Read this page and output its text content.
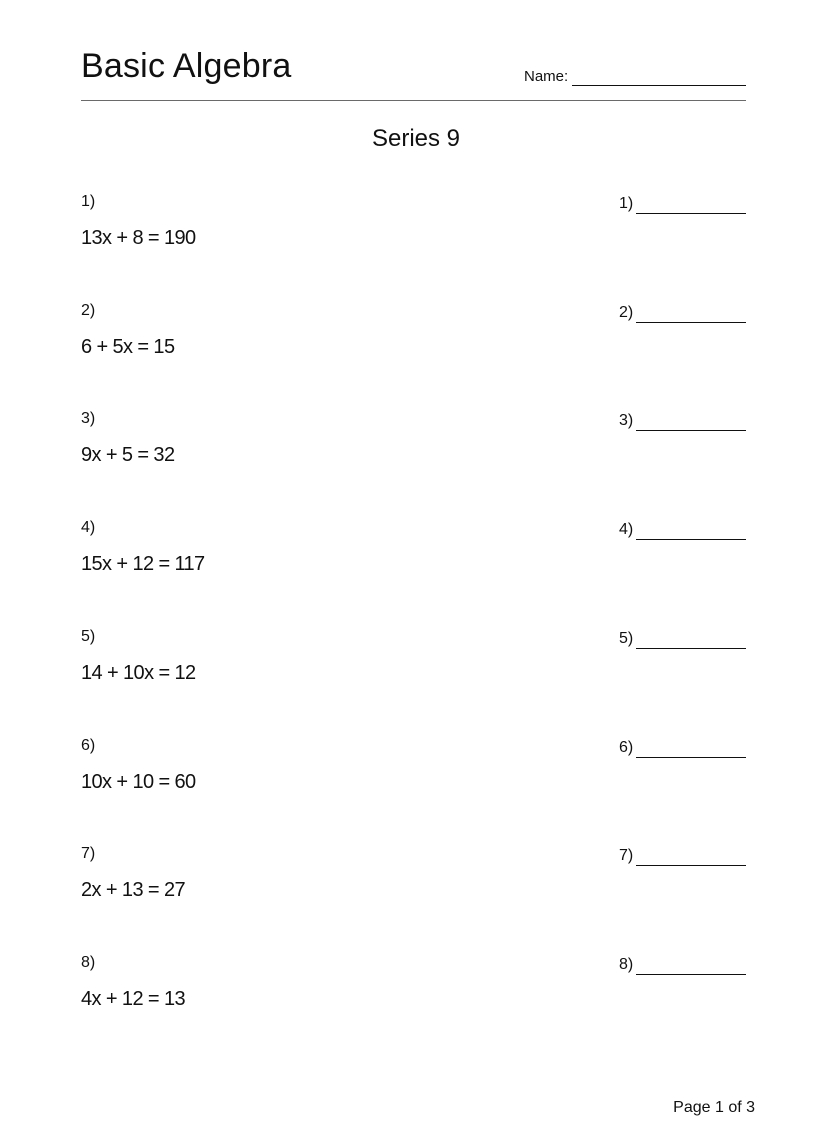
Basic Algebra	Name:
Series 9
1)
13x + 8 = 190
1)
2)
6 + 5x = 15
2)
3)
9x + 5 = 32
3)
4)
15x + 12 = 117
4)
5)
14 + 10x = 12
5)
6)
10x + 10 = 60
6)
7)
2x + 13 = 27
7)
8)
4x + 12 = 13
8)
Page 1 of 3
